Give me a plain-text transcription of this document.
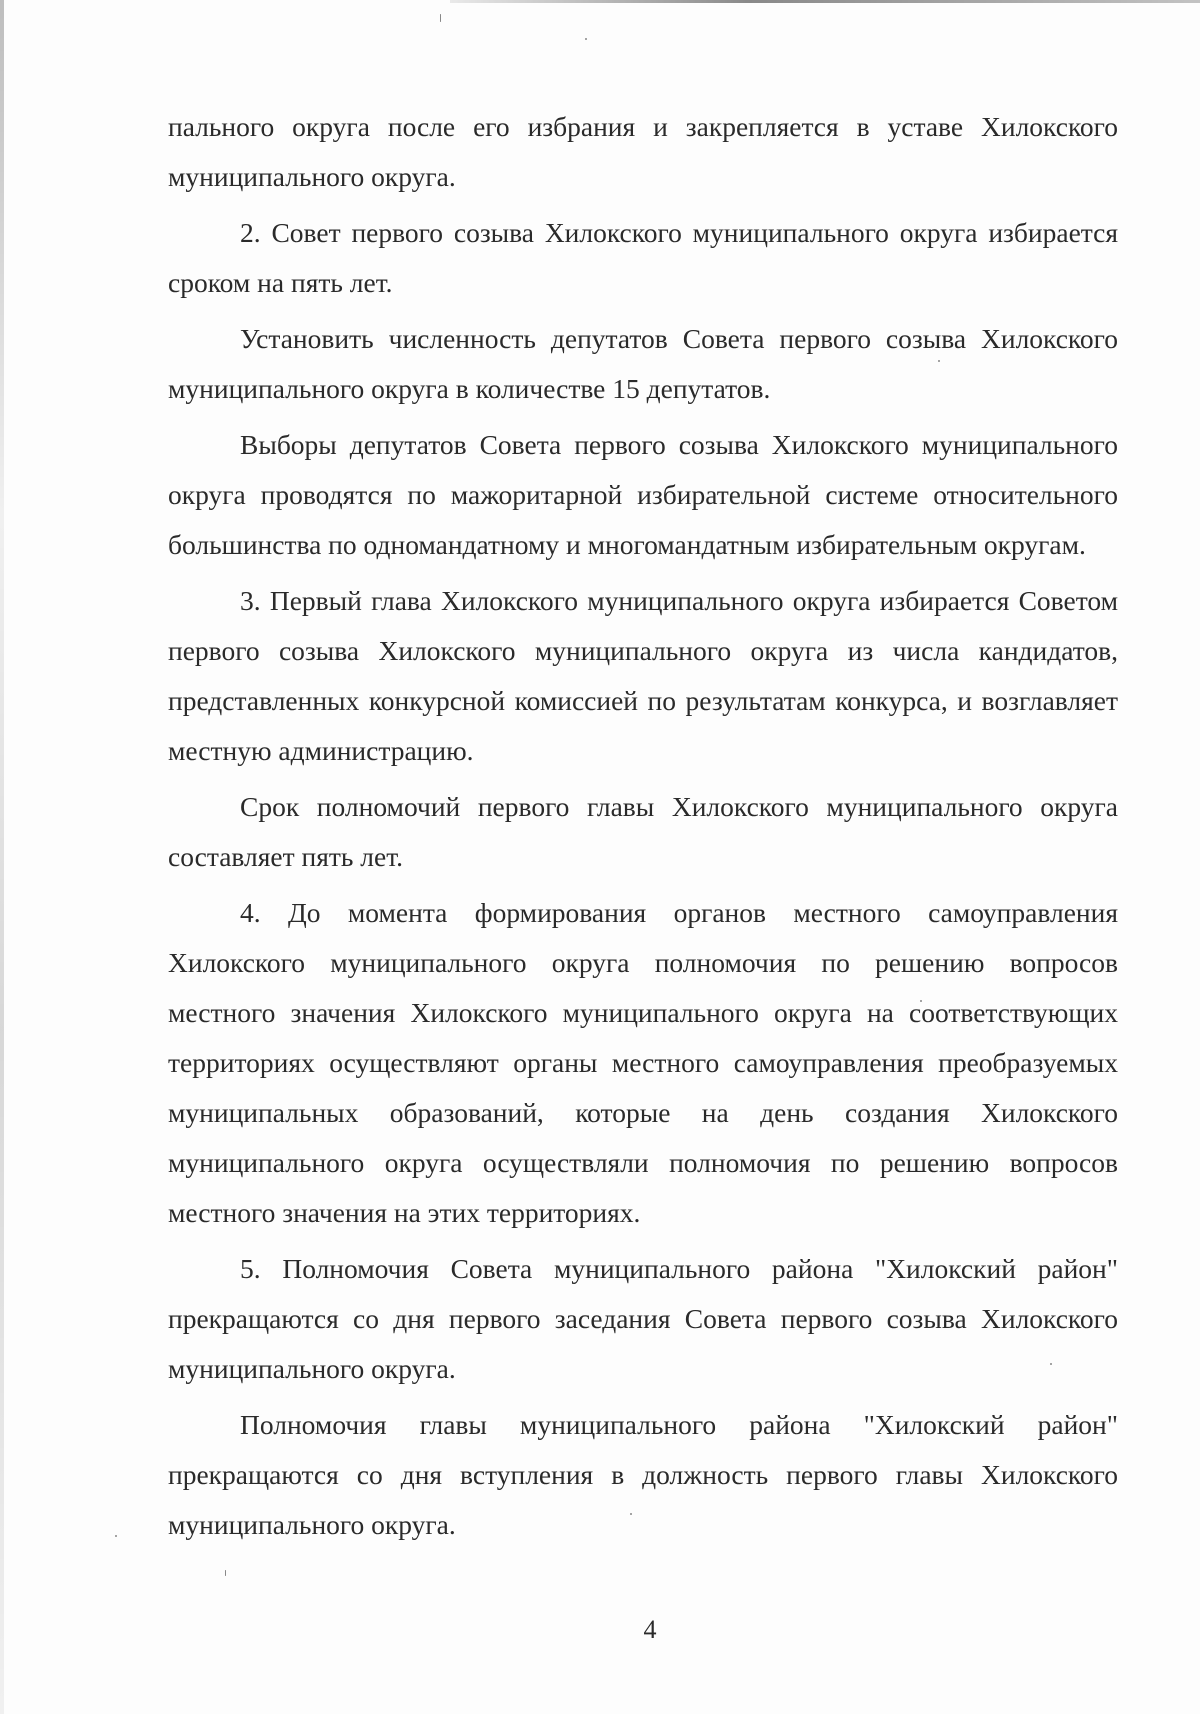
пального округа после его избрания и закрепляется в уставе Хилокского муниципального округа.

2. Совет первого созыва Хилокского муниципального округа избирается сроком на пять лет.

Установить численность депутатов Совета первого созыва Хилокского муниципального округа в количестве 15 депутатов.

Выборы депутатов Совета первого созыва Хилокского муниципального округа проводятся по мажоритарной избирательной системе относительного большинства по одномандатному и многомандатным избирательным округам.

3. Первый глава Хилокского муниципального округа избирается Советом первого созыва Хилокского муниципального округа из числа кандидатов, представленных конкурсной комиссией по результатам конкурса, и возглавляет местную администрацию.

Срок полномочий первого главы Хилокского муниципального округа составляет пять лет.

4. До момента формирования органов местного самоуправления Хилокского муниципального округа полномочия по решению вопросов местного значения Хилокского муниципального округа на соответствующих территориях осуществляют органы местного самоуправления преобразуемых муниципальных образований, которые на день создания Хилокского муниципального округа осуществляли полномочия по решению вопросов местного значения на этих территориях.

5. Полномочия Совета муниципального района "Хилокский район" прекращаются со дня первого заседания Совета первого созыва Хилокского муниципального округа.

Полномочия главы муниципального района "Хилокский район" прекращаются со дня вступления в должность первого главы Хилокского муниципального округа.

4
